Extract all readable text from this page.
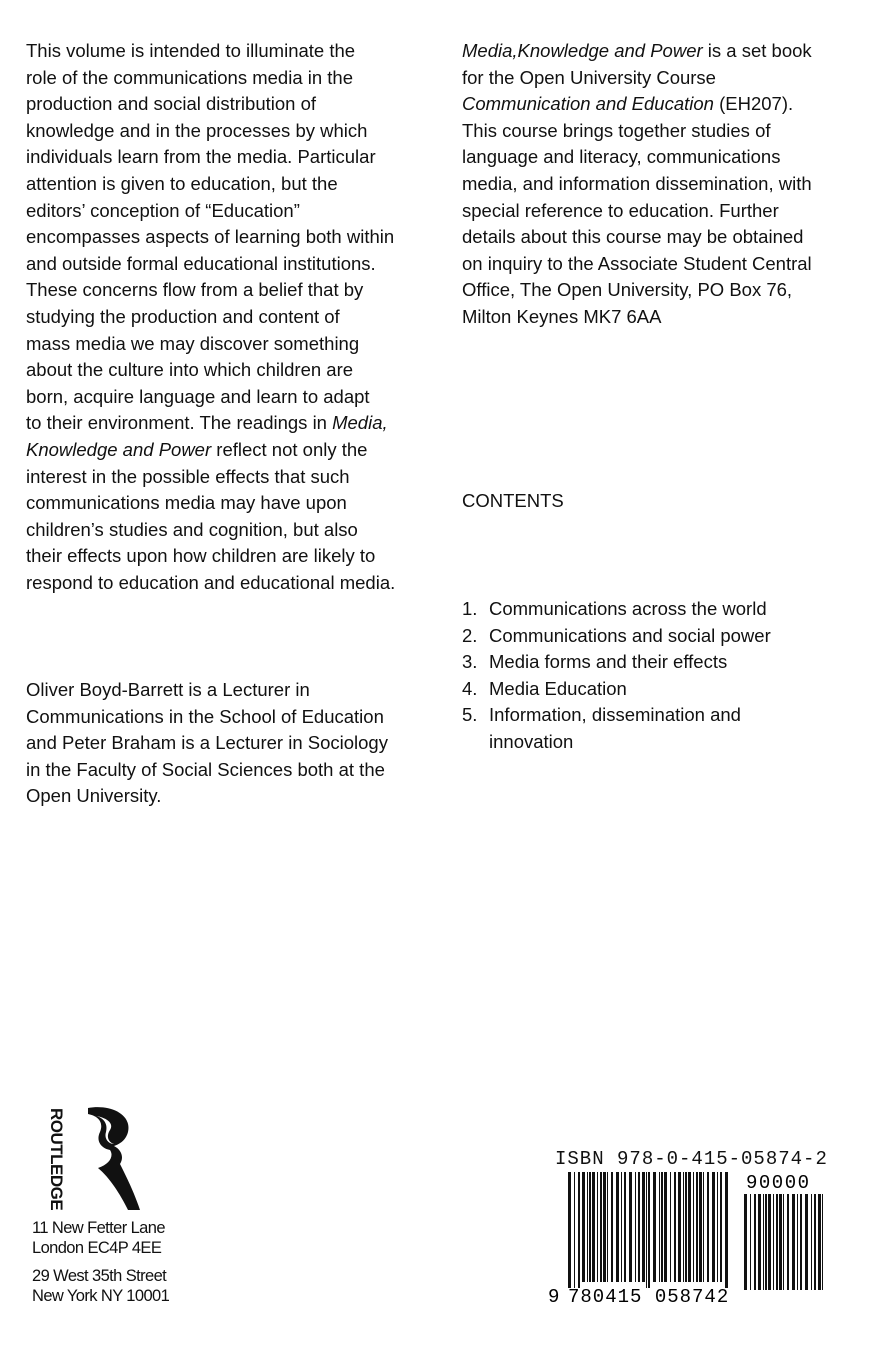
This volume is intended to illuminate the
role of the communications media in the
production and social distribution of
knowledge and in the processes by which
individuals learn from the media. Particular
attention is given to education, but the
editors’ conception of “Education”
encompasses aspects of learning both within
and outside formal educational institutions.
These concerns flow from a belief that by
studying the production and content of
mass media we may discover something
about the culture into which children are
born, acquire language and learn to adapt
to their environment. The readings in Media,
Knowledge and Power reflect not only the
interest in the possible effects that such
communications media may have upon
children’s studies and cognition, but also
their effects upon how children are likely to
respond to education and educational media.
Media,Knowledge and Power is a set book
for the Open University Course
Communication and Education (EH207).
This course brings together studies of
language and literacy, communications
media, and information dissemination, with
special reference to education. Further
details about this course may be obtained
on inquiry to the Associate Student Central
Office, The Open University, PO Box 76,
Milton Keynes MK7 6AA
CONTENTS
1. Communications across the world
2. Communications and social power
3. Media forms and their effects
4. Media Education
5. Information, dissemination and
innovation
Oliver Boyd-Barrett is a Lecturer in
Communications in the School of Education
and Peter Braham is a Lecturer in Sociology
in the Faculty of Social Sciences both at the
Open University.
ROUTLEDGE
11 New Fetter Lane
London EC4P 4EE
29 West 35th Street
New York NY 10001
ISBN 978-0-415-05874-2
9 780415 058742
90000
